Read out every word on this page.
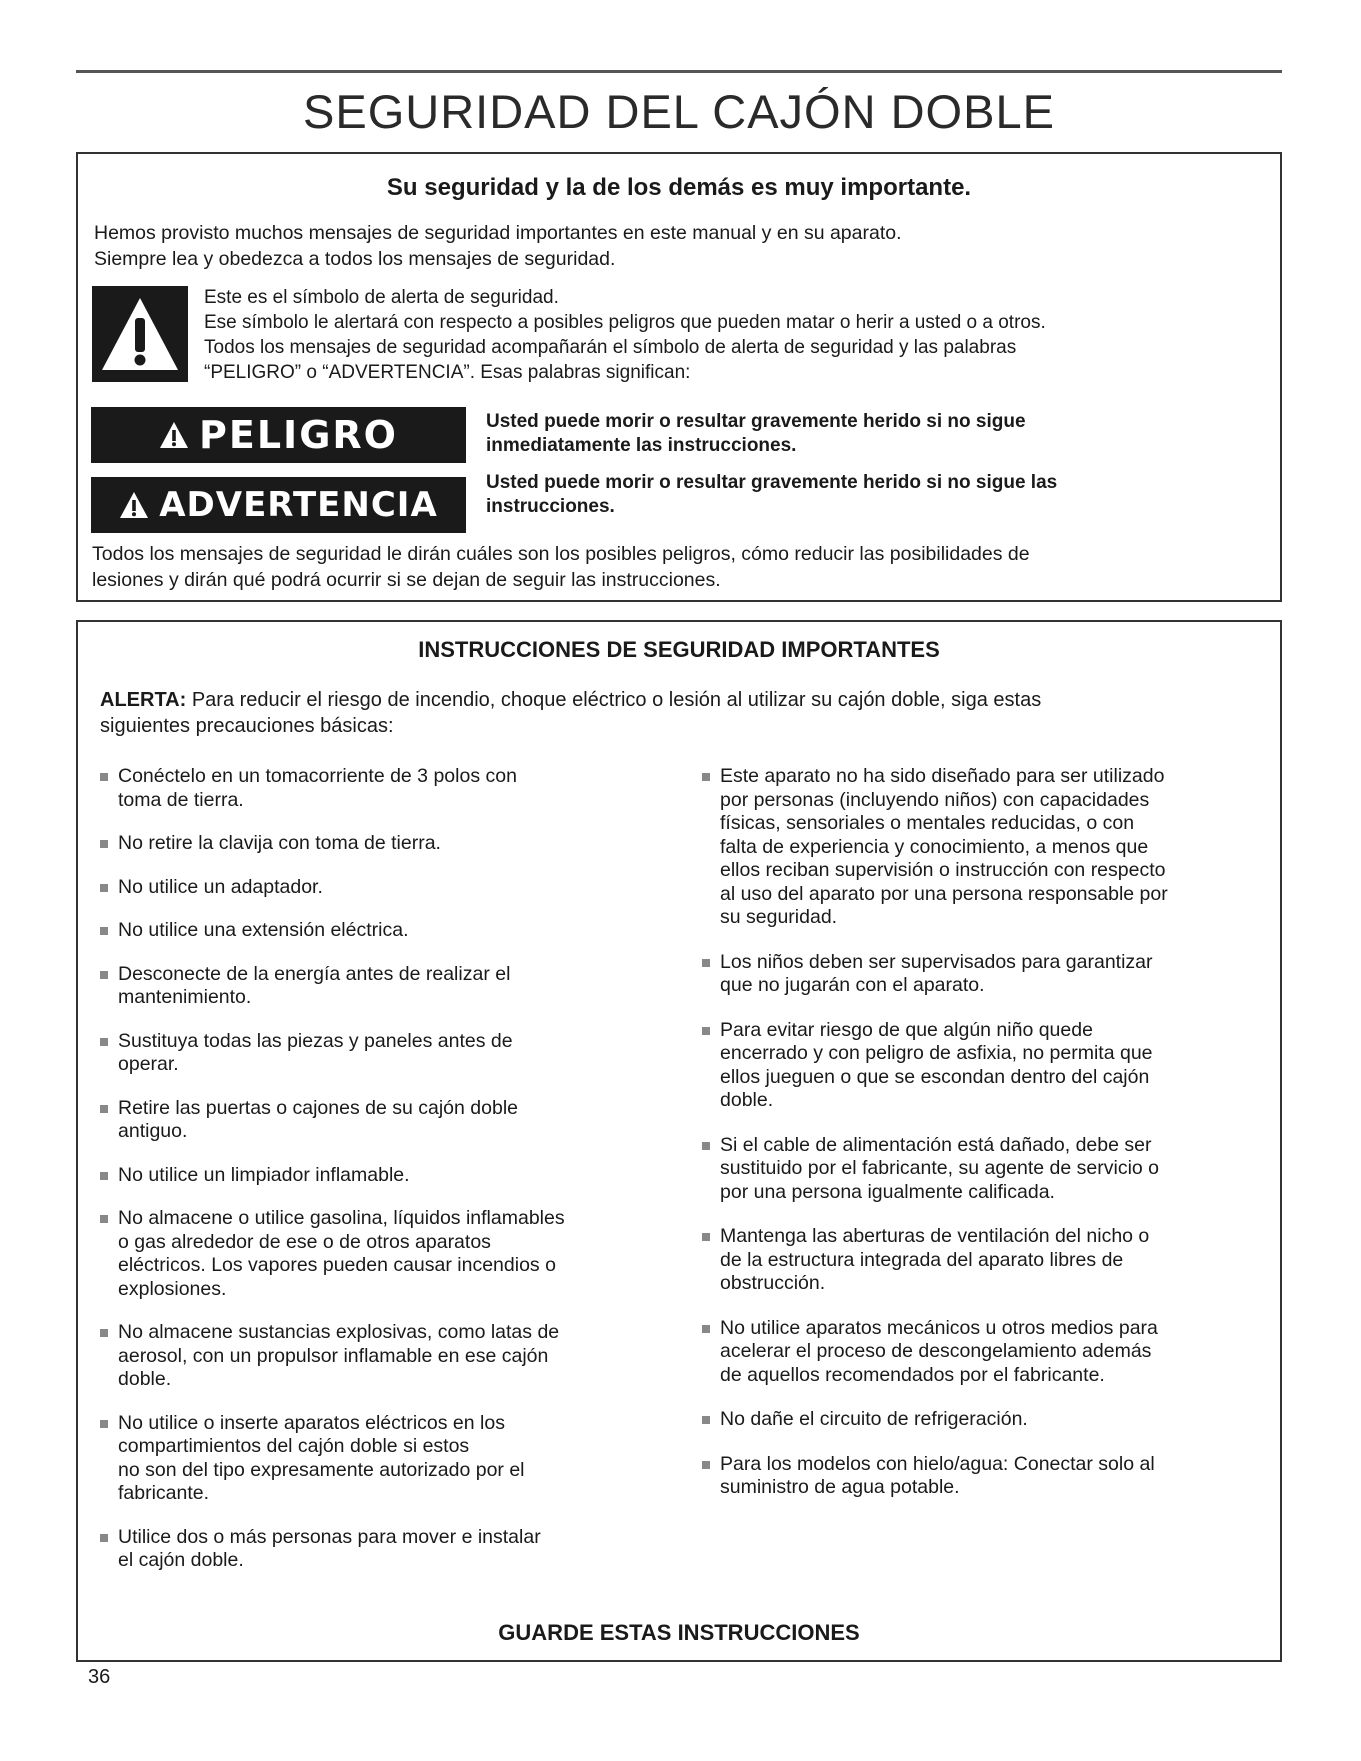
SEGURIDAD DEL CAJÓN DOBLE
Su seguridad y la de los demás es muy importante.
Hemos provisto muchos mensajes de seguridad importantes en este manual y en su aparato.
Siempre lea y obedezca a todos los mensajes de seguridad.
Este es el símbolo de alerta de seguridad.
Ese símbolo le alertará con respecto a posibles peligros que pueden matar o herir a usted o a otros.
Todos los mensajes de seguridad acompañarán el símbolo de alerta de seguridad y las palabras
“PELIGRO” o “ADVERTENCIA”. Esas palabras significan:
PELIGRO	Usted puede morir o resultar gravemente herido si no sigue
inmediatamente las instrucciones.
ADVERTENCIA
Usted puede morir o resultar gravemente herido si no sigue las
instrucciones.
Todos los mensajes de seguridad le dirán cuáles son los posibles peligros, cómo reducir las posibilidades de
lesiones y dirán qué podrá ocurrir si se dejan de seguir las instrucciones.
INSTRUCCIONES DE SEGURIDAD IMPORTANTES
ALERTA: Para reducir el riesgo de incendio, choque eléctrico o lesión al utilizar su cajón doble, siga estas
siguientes precauciones básicas:
Conéctelo en un tomacorriente de 3 polos con
toma de tierra.
No retire la clavija con toma de tierra.
No utilice un adaptador.
No utilice una extensión eléctrica.
Desconecte de la energía antes de realizar el
mantenimiento.
Sustituya todas las piezas y paneles antes de
operar.
Retire las puertas o cajones de su cajón doble
antiguo.
No utilice un limpiador inflamable.
No almacene o utilice gasolina, líquidos inflamables
o gas alrededor de ese o de otros aparatos
eléctricos. Los vapores pueden causar incendios o
explosiones.
No almacene sustancias explosivas, como latas de
aerosol, con un propulsor inflamable en ese cajón
doble.
No utilice o inserte aparatos eléctricos en los
compartimientos del cajón doble si estos
no son del tipo expresamente autorizado por el
fabricante.
Utilice dos o más personas para mover e instalar
el cajón doble.
Este aparato no ha sido diseñado para ser utilizado
por personas (incluyendo niños) con capacidades
físicas, sensoriales o mentales reducidas, o con
falta de experiencia y conocimiento, a menos que
ellos reciban supervisión o instrucción con respecto
al uso del aparato por una persona responsable por
su seguridad.
Los niños deben ser supervisados para garantizar
que no jugarán con el aparato.
Para evitar riesgo de que algún niño quede
encerrado y con peligro de asfixia, no permita que
ellos jueguen o que se escondan dentro del cajón
doble.
Si el cable de alimentación está dañado, debe ser
sustituido por el fabricante, su agente de servicio o
por una persona igualmente calificada.
Mantenga las aberturas de ventilación del nicho o
de la estructura integrada del aparato libres de
obstrucción.
No utilice aparatos mecánicos u otros medios para
acelerar el proceso de descongelamiento además
de aquellos recomendados por el fabricante.
No dañe el circuito de refrigeración.
Para los modelos con hielo/agua: Conectar solo al
suministro de agua potable.
GUARDE ESTAS INSTRUCCIONES
36
